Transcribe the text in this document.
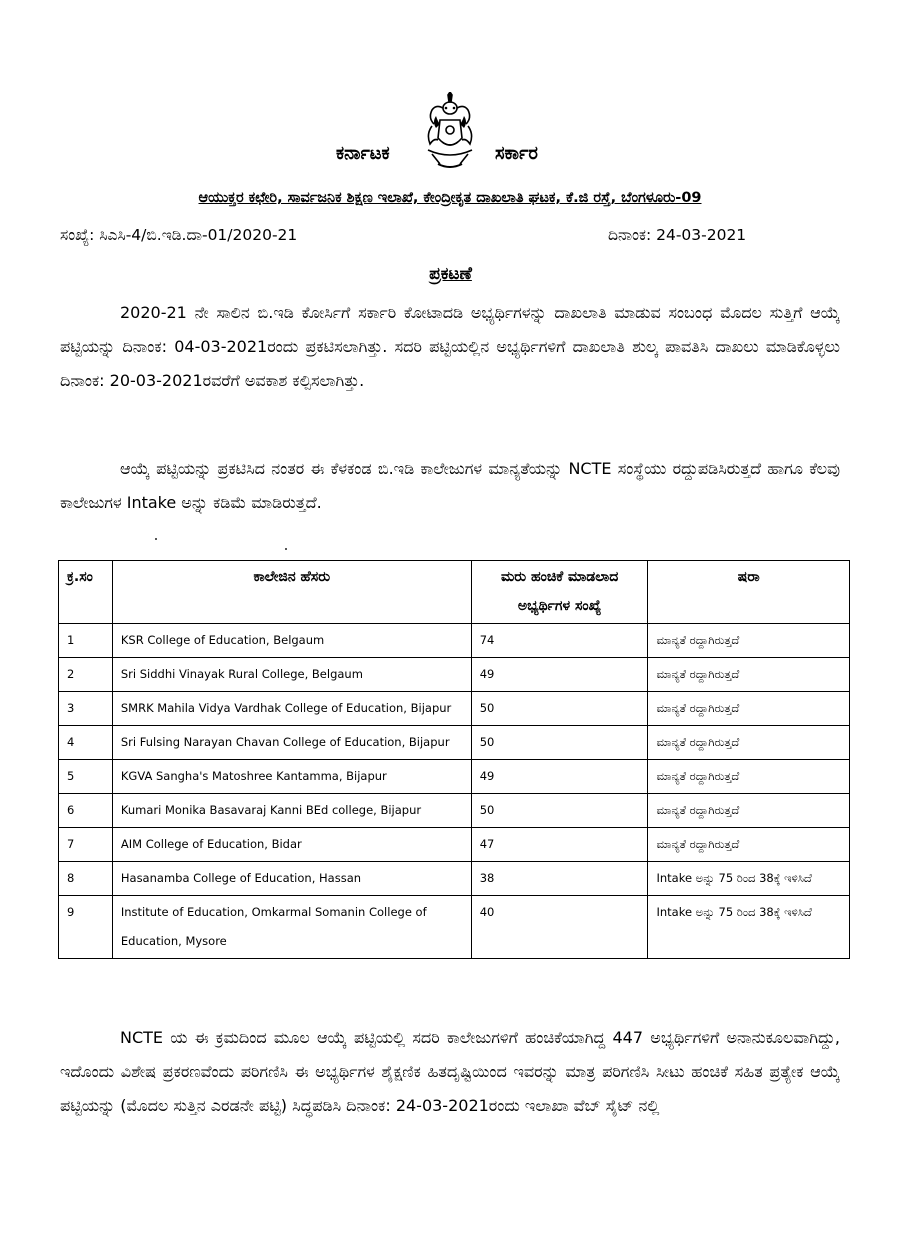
ಕರ್ನಾಟಕ	ಸರ್ಕಾರ
ಆಯುಕ್ತರ ಕಛೇರಿ, ಸಾರ್ವಜನಿಕ ಶಿಕ್ಷಣ ಇಲಾಖೆ, ಕೇಂದ್ರೀಕೃತ ದಾಖಲಾತಿ ಘಟಕ, ಕೆ.ಜಿ ರಸ್ತೆ, ಬೆಂಗಳೂರು-09
ಸಂಖ್ಯೆ: ಸಿಎಸಿ-4/ಬಿ.ಇಡಿ.ದಾ-01/2020-21	ದಿನಾಂಕ: 24-03-2021
ಪ್ರಕಟಣೆ
2020-21 ನೇ ಸಾಲಿನ ಬಿ.ಇಡಿ ಕೋರ್ಸಿಗೆ ಸರ್ಕಾರಿ ಕೋಟಾದಡಿ ಅಭ್ಯರ್ಥಿಗಳನ್ನು ದಾಖಲಾತಿ ಮಾಡುವ ಸಂಬಂಧ ಮೊದಲ ಸುತ್ತಿಗೆ ಆಯ್ಕೆ ಪಟ್ಟಿಯನ್ನು ದಿನಾಂಕ: 04-03-2021ರಂದು ಪ್ರಕಟಿಸಲಾಗಿತ್ತು. ಸದರಿ ಪಟ್ಟಿಯಲ್ಲಿನ ಅಭ್ಯರ್ಥಿಗಳಿಗೆ ದಾಖಲಾತಿ ಶುಲ್ಕ ಪಾವತಿಸಿ ದಾಖಲು ಮಾಡಿಕೊಳ್ಳಲು ದಿನಾಂಕ: 20-03-2021ರವರೆಗೆ ಅವಕಾಶ ಕಲ್ಪಿಸಲಾಗಿತ್ತು.
ಆಯ್ಕೆ ಪಟ್ಟಿಯನ್ನು ಪ್ರಕಟಿಸಿದ ನಂತರ ಈ ಕೆಳಕಂಡ ಬಿ.ಇಡಿ ಕಾಲೇಜುಗಳ ಮಾನ್ಯತೆಯನ್ನು NCTE ಸಂಸ್ಥೆಯು ರದ್ದುಪಡಿಸಿರುತ್ತದೆ ಹಾಗೂ ಕೆಲವು ಕಾಲೇಜುಗಳ Intake ಅನ್ನು ಕಡಿಮೆ ಮಾಡಿರುತ್ತದೆ.
ಕ್ರ.ಸಂ	ಕಾಲೇಜಿನ ಹೆಸರು	ಮರು ಹಂಚಿಕೆ ಮಾಡಲಾದ
ಅಭ್ಯರ್ಥಿಗಳ ಸಂಖ್ಯೆ	ಷರಾ
1	KSR College of Education, Belgaum	74	ಮಾನ್ಯತೆ ರದ್ದಾಗಿರುತ್ತದೆ
2	Sri Siddhi Vinayak Rural College, Belgaum	49	ಮಾನ್ಯತೆ ರದ್ದಾಗಿರುತ್ತದೆ
3	SMRK Mahila Vidya Vardhak College of Education, Bijapur	50	ಮಾನ್ಯತೆ ರದ್ದಾಗಿರುತ್ತದೆ
4	Sri Fulsing Narayan Chavan College of Education, Bijapur	50	ಮಾನ್ಯತೆ ರದ್ದಾಗಿರುತ್ತದೆ
5	KGVA Sangha's Matoshree Kantamma, Bijapur	49	ಮಾನ್ಯತೆ ರದ್ದಾಗಿರುತ್ತದೆ
6	Kumari Monika Basavaraj Kanni BEd college, Bijapur	50	ಮಾನ್ಯತೆ ರದ್ದಾಗಿರುತ್ತದೆ
7	AIM College of Education, Bidar	47	ಮಾನ್ಯತೆ ರದ್ದಾಗಿರುತ್ತದೆ
8	Hasanamba College of Education, Hassan	38	Intake ಅನ್ನು 75 ರಿಂದ 38ಕ್ಕೆ ಇಳಿಸಿದೆ
9	Institute of Education, Omkarmal Somanin College of Education, Mysore	40	Intake ಅನ್ನು 75 ರಿಂದ 38ಕ್ಕೆ ಇಳಿಸಿದೆ
NCTE ಯ ಈ ಕ್ರಮದಿಂದ ಮೂಲ ಆಯ್ಕೆ ಪಟ್ಟಿಯಲ್ಲಿ ಸದರಿ ಕಾಲೇಜುಗಳಿಗೆ ಹಂಚಿಕೆಯಾಗಿದ್ದ 447 ಅಭ್ಯರ್ಥಿಗಳಿಗೆ ಅನಾನುಕೂಲವಾಗಿದ್ದು, ಇದೊಂದು ವಿಶೇಷ ಪ್ರಕರಣವೆಂದು ಪರಿಗಣಿಸಿ ಈ ಅಭ್ಯರ್ಥಿಗಳ ಶೈಕ್ಷಣಿಕ ಹಿತದೃಷ್ಟಿಯಿಂದ ಇವರನ್ನು ಮಾತ್ರ ಪರಿಗಣಿಸಿ ಸೀಟು ಹಂಚಿಕೆ ಸಹಿತ ಪ್ರತ್ಯೇಕ ಆಯ್ಕೆ ಪಟ್ಟಿಯನ್ನು (ಮೊದಲ ಸುತ್ತಿನ ಎರಡನೇ ಪಟ್ಟಿ) ಸಿದ್ಧಪಡಿಸಿ ದಿನಾಂಕ: 24-03-2021ರಂದು ಇಲಾಖಾ ವೆಬ್ ಸೈಟ್ ನಲ್ಲಿ
